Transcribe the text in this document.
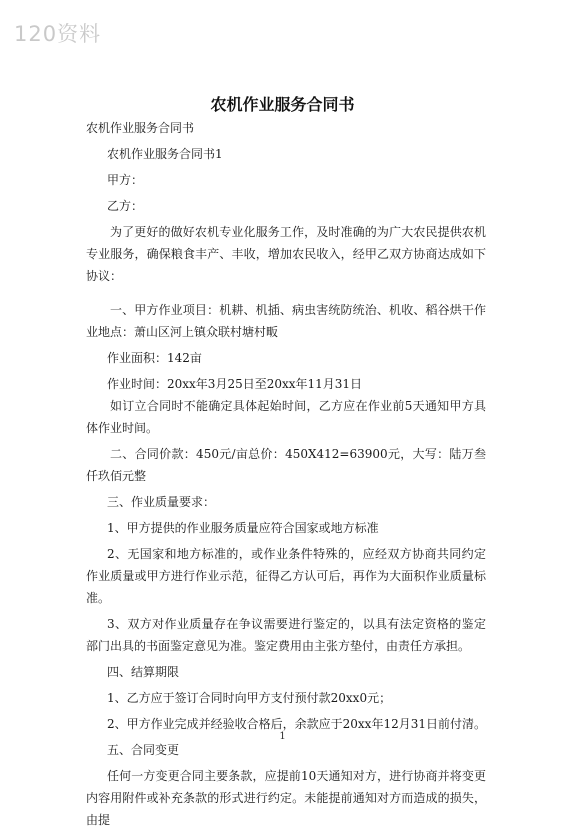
120资料
农机作业服务合同书

农机作业服务合同书

农机作业服务合同书1

甲方：

乙方：

为了更好的做好农机专业化服务工作，及时准确的为广大农民提供农机专业服务，确保粮食丰产、丰收，增加农民收入，经甲乙双方协商达成如下协议：

一、甲方作业项目：机耕、机插、病虫害统防统治、机收、稻谷烘干作业地点：萧山区河上镇众联村塘村畈

作业面积：142亩

作业时间：20xx年3月25日至20xx年11月31日

如订立合同时不能确定具体起始时间，乙方应在作业前5天通知甲方具体作业时间。

二、合同价款：450元/亩总价：450X412=63900元，大写：陆万叁仟玖佰元整

三、作业质量要求：

1、甲方提供的作业服务质量应符合国家或地方标准

2、无国家和地方标准的，或作业条件特殊的，应经双方协商共同约定作业质量或甲方进行作业示范，征得乙方认可后，再作为大面积作业质量标准。

3、双方对作业质量存在争议需要进行鉴定的，以具有法定资格的鉴定部门出具的书面鉴定意见为准。鉴定费用由主张方垫付，由责任方承担。

四、结算期限

1、乙方应于签订合同时向甲方支付预付款20xx0元；

2、甲方作业完成并经验收合格后，余款应于20xx年12月31日前付清。

五、合同变更

任何一方变更合同主要条款，应提前10天通知对方，进行协商并将变更内容用附件或补充条款的形式进行约定。未能提前通知对方而造成的损失，由提

1
